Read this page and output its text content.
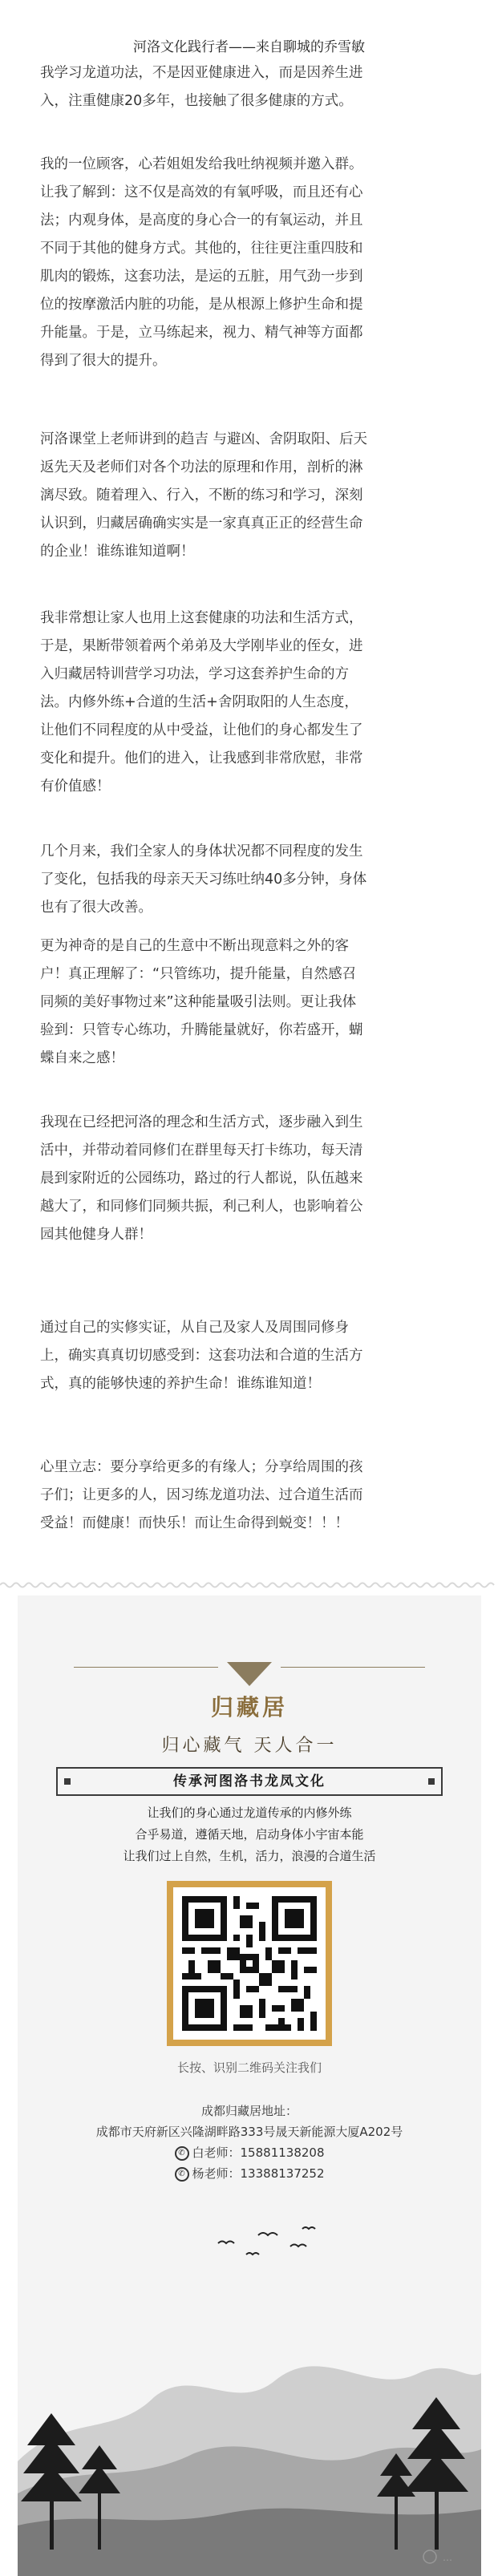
河洛文化践行者——来自聊城的乔雪敏

我学习龙道功法，不是因亚健康进入，而是因养生进
入，注重健康20多年，也接触了很多健康的方式。

我的一位顾客，心若姐姐发给我吐纳视频并邀入群。
让我了解到：这不仅是高效的有氧呼吸，而且还有心
法；内观身体，是高度的身心合一的有氧运动，并且
不同于其他的健身方式。其他的，往往更注重四肢和
肌肉的锻炼，这套功法，是运的五脏，用气劲一步到
位的按摩激活内脏的功能，是从根源上修护生命和提
升能量。于是，立马练起来，视力、精气神等方面都
得到了很大的提升。

河洛课堂上老师讲到的趋吉 与避凶、舍阴取阳、后天
返先天及老师们对各个功法的原理和作用，剖析的淋
漓尽致。随着理入、行入，不断的练习和学习，深刻
认识到，归藏居确确实实是一家真真正正的经营生命
的企业！谁练谁知道啊！

我非常想让家人也用上这套健康的功法和生活方式，
于是，果断带领着两个弟弟及大学刚毕业的侄女，进
入归藏居特训营学习功法，学习这套养护生命的方
法。内修外练+合道的生活+舍阴取阳的人生态度，
让他们不同程度的从中受益，让他们的身心都发生了
变化和提升。他们的进入，让我感到非常欣慰，非常
有价值感！

几个月来，我们全家人的身体状况都不同程度的发生
了变化，包括我的母亲天天习练吐纳40多分钟，身体
也有了很大改善。

更为神奇的是自己的生意中不断出现意料之外的客
户！真正理解了：“只管练功，提升能量，自然感召
同频的美好事物过来”这种能量吸引法则。更让我体
验到：只管专心练功，升腾能量就好，你若盛开，蝴
蝶自来之感！

我现在已经把河洛的理念和生活方式，逐步融入到生
活中，并带动着同修们在群里每天打卡练功，每天清
晨到家附近的公园练功，路过的行人都说，队伍越来
越大了，和同修们同频共振，利己利人，也影响着公
园其他健身人群！

通过自己的实修实证，从自己及家人及周围同修身
上，确实真真切切感受到：这套功法和合道的生活方
式，真的能够快速的养护生命！谁练谁知道！

心里立志：要分享给更多的有缘人；分享给周围的孩
子们；让更多的人，因习练龙道功法、过合道生活而
受益！而健康！而快乐！而让生命得到蜕变！！！

归藏居
归心藏气 天人合一
传承河图洛书龙凤文化
让我们的身心通过龙道传承的内修外练
合乎易道，遵循天地，启动身体小宇宙本能
让我们过上自然，生机，活力，浪漫的合道生活
长按、识别二维码关注我们
成都归藏居地址：
成都市天府新区兴隆湖畔路333号晟天新能源大厦A202号
✆ 白老师：15881138208
✆ 杨老师：13388137252
…
